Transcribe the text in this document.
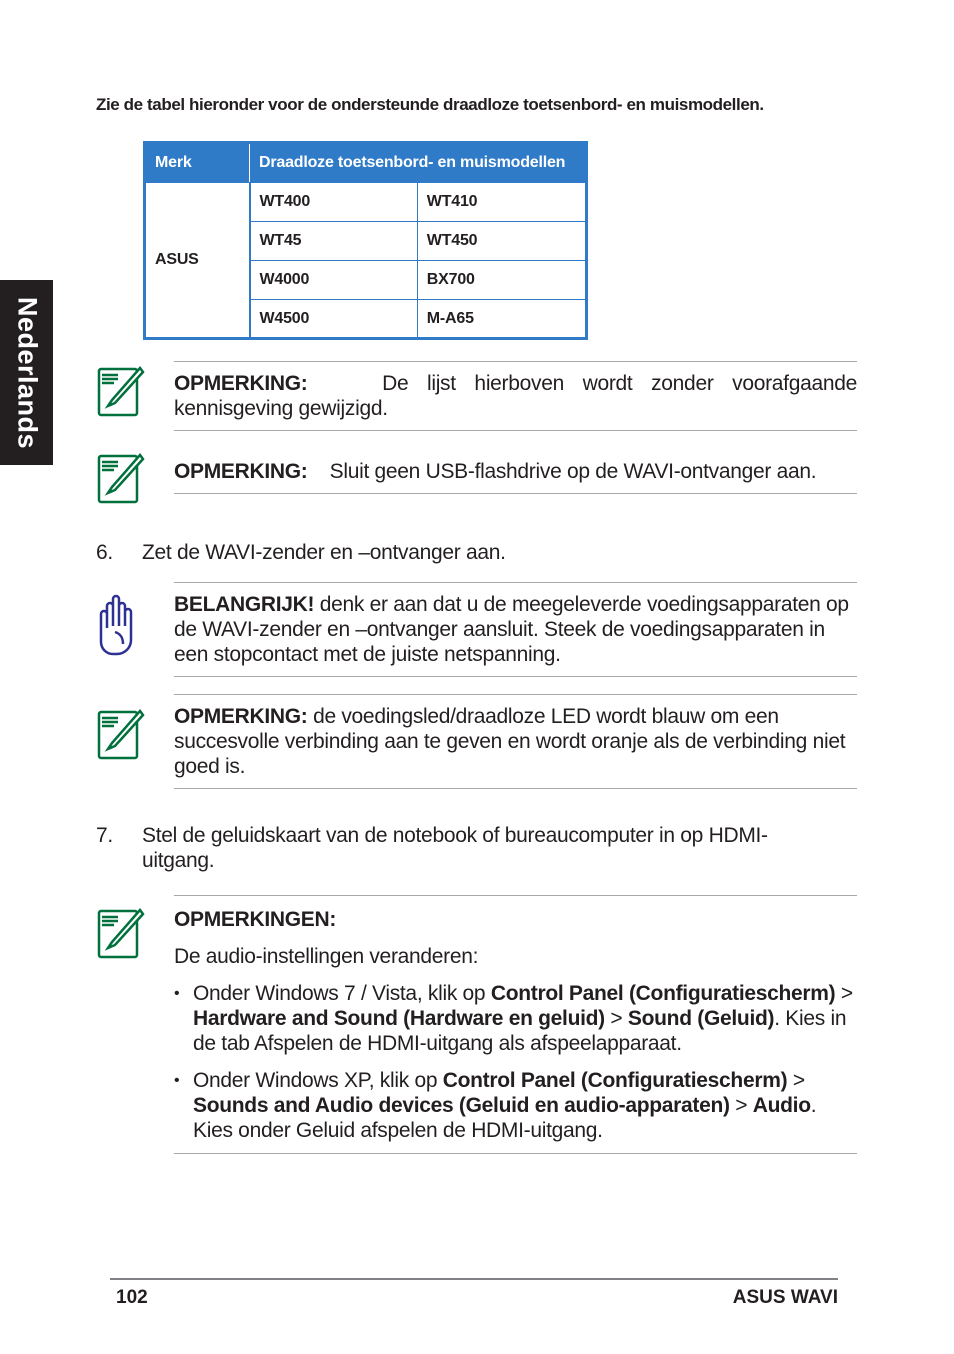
Nederlands
Zie de tabel hieronder voor de ondersteunde draadloze toetsenbord- en muismodellen.
Merk	Draadloze toetsenbord- en muismodellen	
ASUS	WT400	WT410
	WT45	WT450
	W4000	BX700
	W4500	M-A65
OPMERKING:	De lijst hierboven wordt zonder voorafgaande kennisgeving gewijzigd.
OPMERKING: Sluit geen USB-flashdrive op de WAVI-ontvanger aan.
6. Zet de WAVI-zender en –ontvanger aan.
BELANGRIJK! denk er aan dat u de meegeleverde voedingsapparaten op de WAVI-zender en –ontvanger aansluit. Steek de voedingsapparaten in een stopcontact met de juiste netspanning.
OPMERKING: de voedingsled/draadloze LED wordt blauw om een succesvolle verbinding aan te geven en wordt oranje als de verbinding niet goed is.
7. Stel de geluidskaart van de notebook of bureaucomputer in op HDMI-uitgang.
OPMERKINGEN:
De audio-instellingen veranderen:
• Onder Windows 7 / Vista, klik op Control Panel (Configuratiescherm) > Hardware and Sound (Hardware en geluid) > Sound (Geluid). Kies in de tab Afspelen de HDMI-uitgang als afspeelapparaat.
• Onder Windows XP, klik op Control Panel (Configuratiescherm) > Sounds and Audio devices (Geluid en audio-apparaten) > Audio. Kies onder Geluid afspelen de HDMI-uitgang.
102	ASUS WAVI
